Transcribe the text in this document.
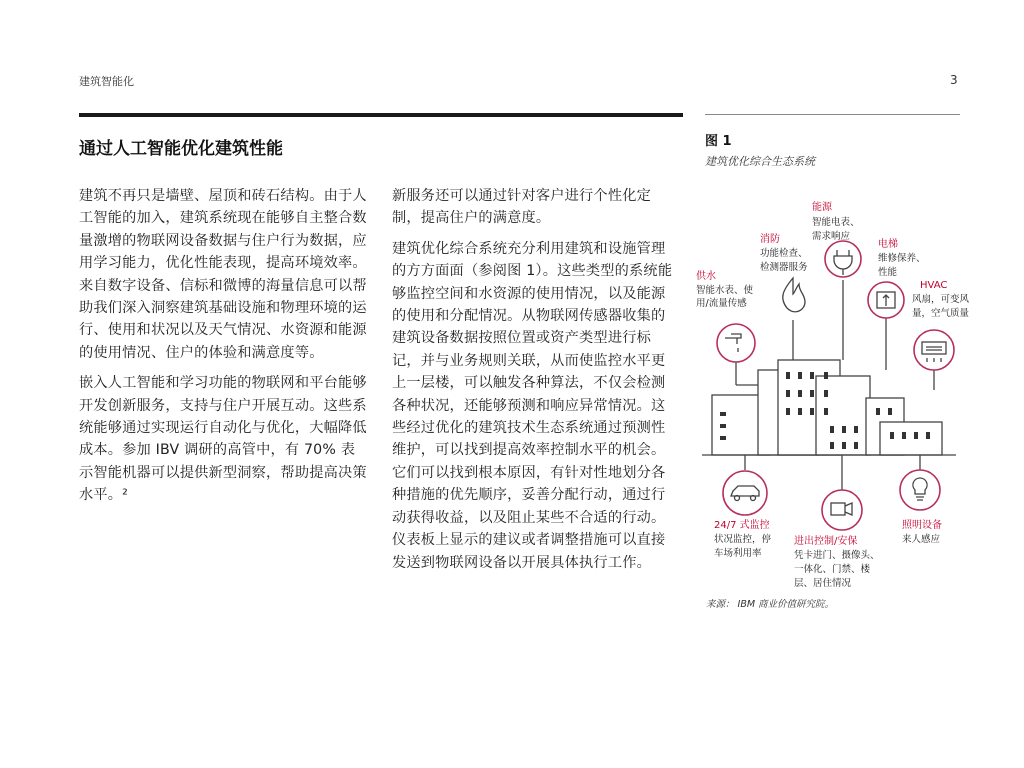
建筑智能化	3
通过人工智能优化建筑性能

建筑不再只是墙壁、屋顶和砖石结构。由于人工智能的加入，建筑系统现在能够自主整合数量激增的物联网设备数据与住户行为数据，应用学习能力，优化性能表现，提高环境效率。来自数字设备、信标和微博的海量信息可以帮助我们深入洞察建筑基础设施和物理环境的运行、使用和状况以及天气情况、水资源和能源的使用情况、住户的体验和满意度等。

嵌入人工智能和学习功能的物联网和平台能够开发创新服务，支持与住户开展互动。这些系统能够通过实现运行自动化与优化，大幅降低成本。参加 IBV 调研的高管中，有 70% 表示智能机器可以提供新型洞察，帮助提高决策水平。²

新服务还可以通过针对客户进行个性化定制，提高住户的满意度。

建筑优化综合系统充分利用建筑和设施管理的方方面面（参阅图 1）。这些类型的系统能够监控空间和水资源的使用情况，以及能源的使用和分配情况。从物联网传感器收集的建筑设备数据按照位置或资产类型进行标记，并与业务规则关联，从而使监控水平更上一层楼，可以触发各种算法，不仅会检测各种状况，还能够预测和响应异常情况。这些经过优化的建筑技术生态系统通过预测性维护，可以找到提高效率控制水平的机会。它们可以找到根本原因，有针对性地划分各种措施的优先顺序，妥善分配行动，通过行动获得收益，以及阻止某些不合适的行动。仪表板上显示的建议或者调整措施可以直接发送到物联网设备以开展具体执行工作。

图 1
建筑优化综合生态系统
供水
智能水表、使
用/流量传感
消防
功能检查、
检测器服务
能源
智能电表、
需求响应
电梯
维修保养、
性能
HVAC
风扇，可变风
量，空气质量
24/7 式监控
状况监控，停
车场利用率
进出控制/安保
凭卡进门、摄像头、
一体化、门禁、楼
层、居住情况
照明设备
来人感应
来源： IBM 商业价值研究院。
